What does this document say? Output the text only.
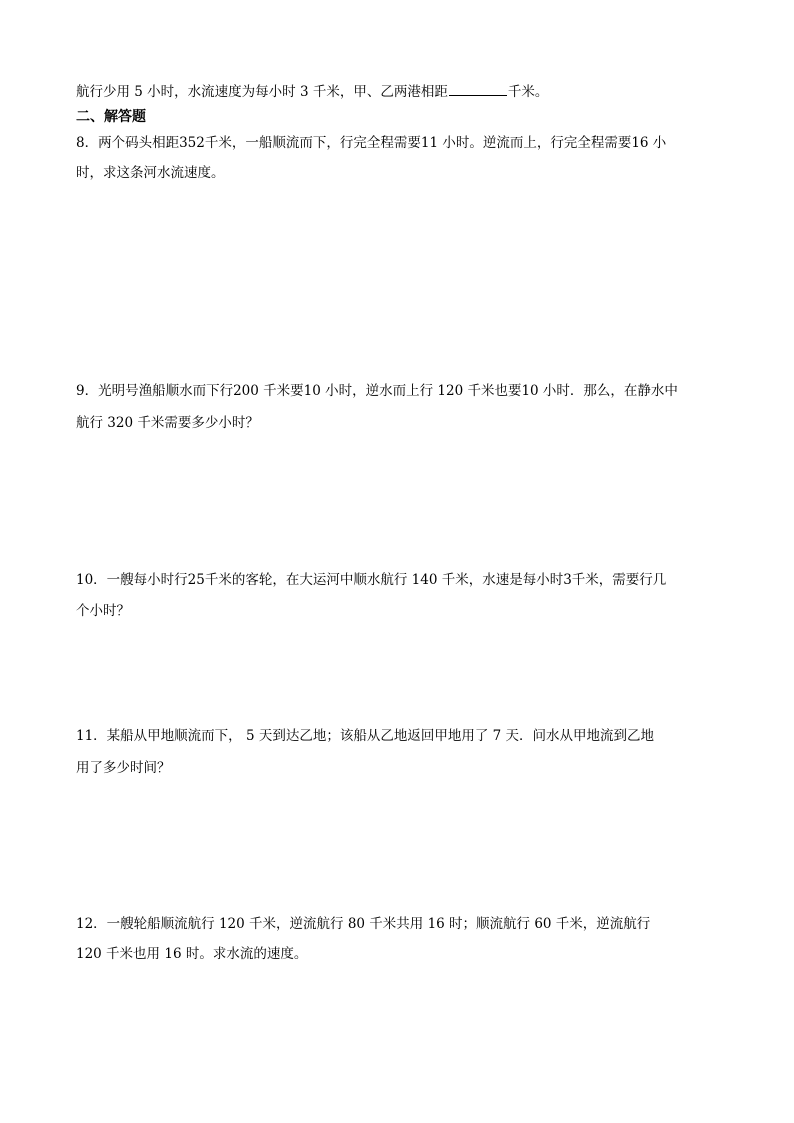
航行少用 5 小时，水流速度为每小时 3 千米，甲、乙两港相距	千米。
二、解答题
8．两个码头相距352千米，一船顺流而下，行完全程需要11 小时。逆流而上，行完全程需要16 小
时，求这条河水流速度。
9．光明号渔船顺水而下行200 千米要10 小时，逆水而上行 120 千米也要10 小时．那么，在静水中
航行 320 千米需要多少小时？
10．一艘每小时行25千米的客轮，在大运河中顺水航行 140 千米，水速是每小时3千米，需要行几
个小时？
11．某船从甲地顺流而下， 5 天到达乙地；该船从乙地返回甲地用了 7 天．问水从甲地流到乙地
用了多少时间？
12．一艘轮船顺流航行 120 千米，逆流航行 80 千米共用 16 时；顺流航行 60 千米，逆流航行
120 千米也用 16 时。求水流的速度。
